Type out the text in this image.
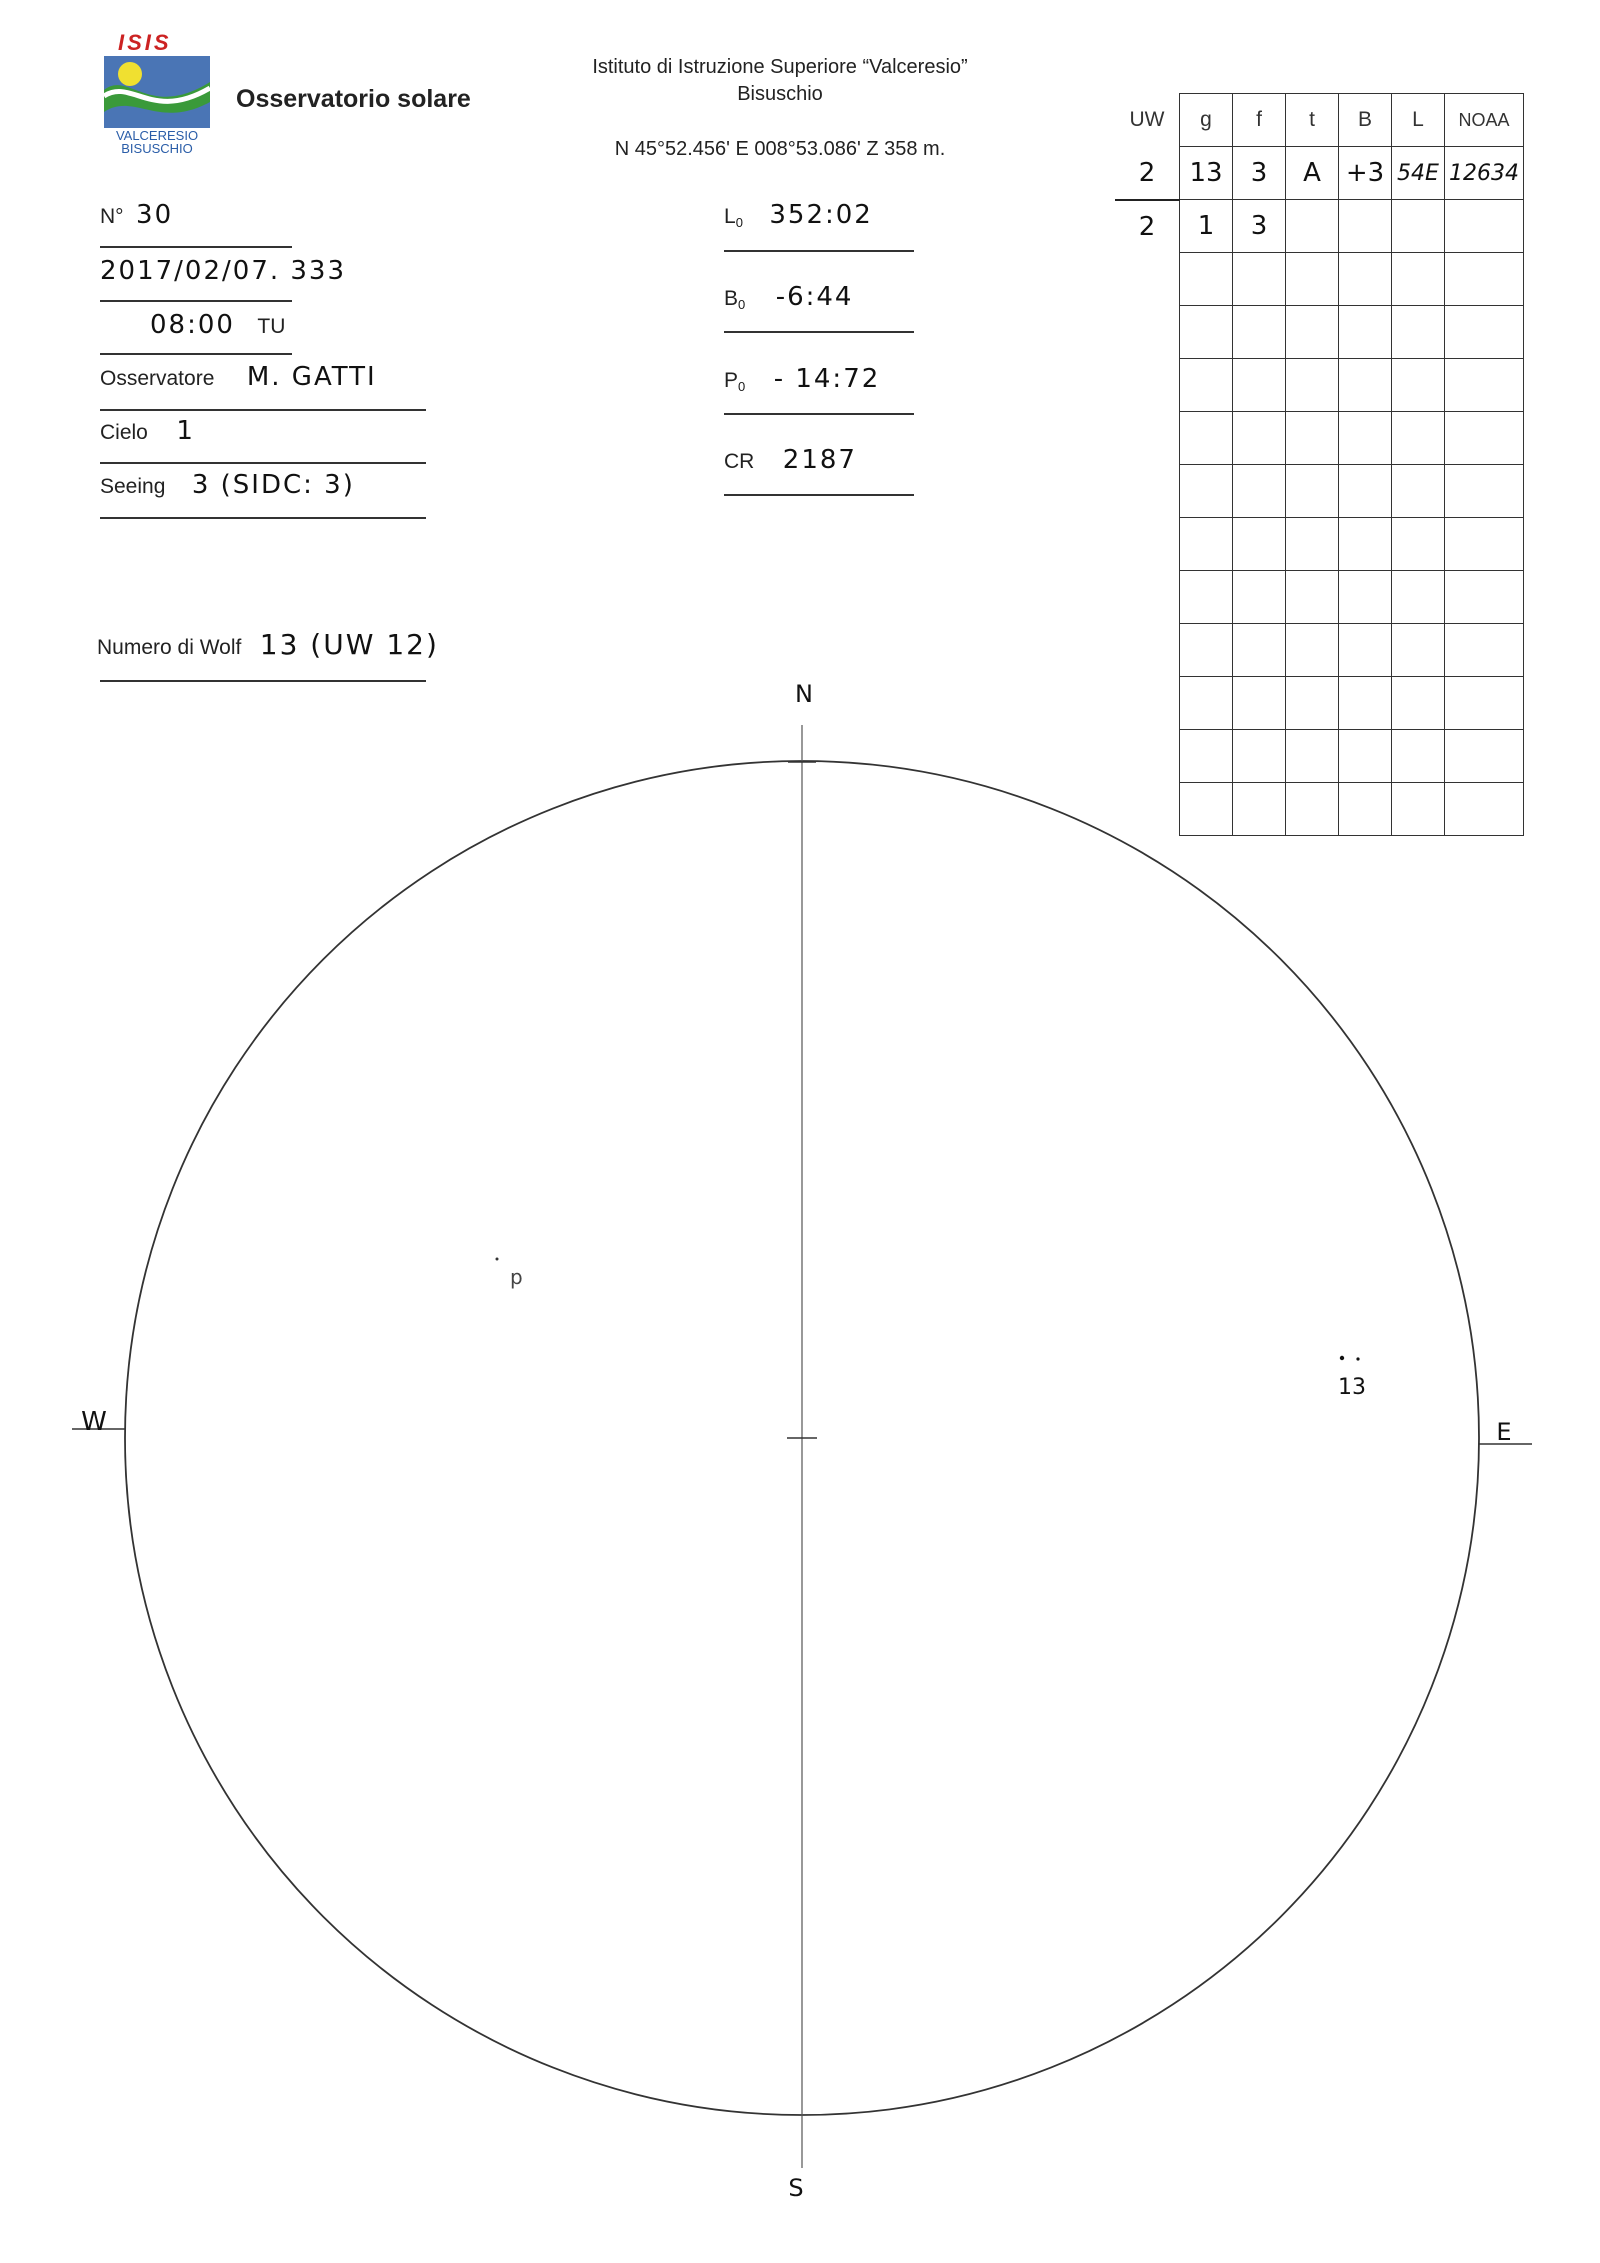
ISIS
VALCERESIO
BISUSCHIO
Osservatorio solare
Istituto di Istruzione Superiore “Valceresio”
Bisuschio
N 45°52.456' E 008°53.086' Z 358 m.
N° 30
2017/02/07. 333
08:00 TU
Osservatore M. GATTI
Cielo 1
Seeing 3 (SIDC: 3)
Numero di Wolf 13 (UW 12)
$L_0$ 352:02
$B_0$ -6:44
$P_0$ - 14:72
CR 2187
UW	g	f	t	B	L	NOAA
2	13	3	A	+3	54E	12634
2	1	3				

N
S
W	E
p
13
